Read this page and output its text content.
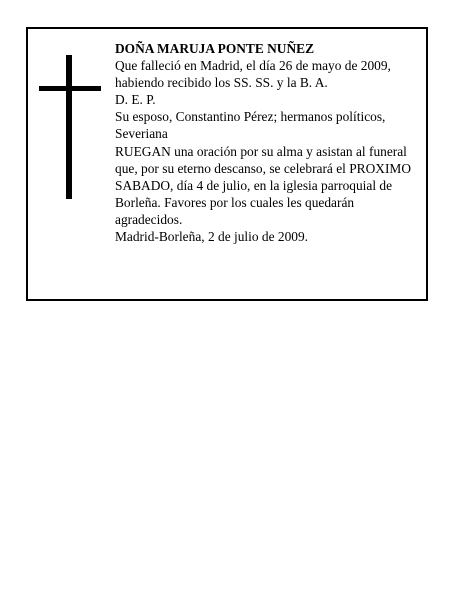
DOÑA MARUJA PONTE NUÑEZ

Que falleció en Madrid, el día 26 de mayo de 2009, habiendo recibido los SS. SS. y la B. A.

D. E. P.

Su esposo, Constantino Pérez; hermanos políticos, Severiana

RUEGAN una oración por su alma y asistan al funeral que, por su eterno descanso, se celebrará el PROXIMO SABADO, día 4 de julio, en la iglesia parroquial de Borleña. Favores por los cuales les quedarán agradecidos.

Madrid-Borleña, 2 de julio de 2009.
